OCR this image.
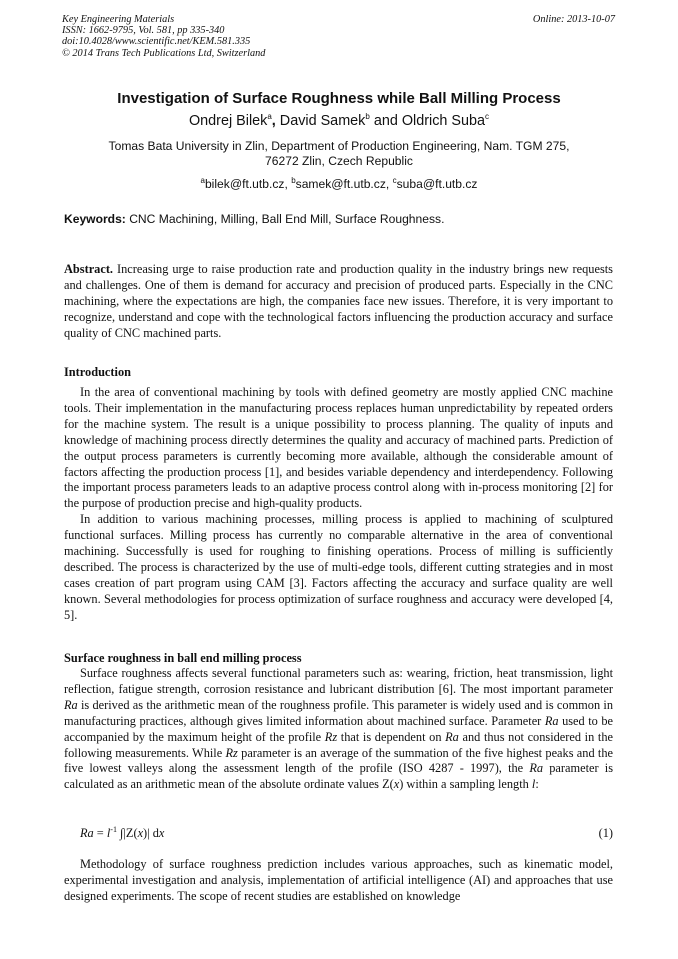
Key Engineering Materials
ISSN: 1662-9795, Vol. 581, pp 335-340
doi:10.4028/www.scientific.net/KEM.581.335
© 2014 Trans Tech Publications Ltd, Switzerland
Online: 2013-10-07
Investigation of Surface Roughness while Ball Milling Process
Ondrej Bilek$^a$, David Samek$^b$ and Oldrich Suba$^c$
Tomas Bata University in Zlin, Department of Production Engineering, Nam. TGM 275,
76272 Zlin, Czech Republic
$^a$bilek@ft.utb.cz, $^b$samek@ft.utb.cz, $^c$suba@ft.utb.cz
Keywords: CNC Machining, Milling, Ball End Mill, Surface Roughness.

Abstract. Increasing urge to raise production rate and production quality in the industry brings new requests and challenges. One of them is demand for accuracy and precision of produced parts. Especially in the CNC machining, where the expectations are high, the companies face new issues. Therefore, it is very important to recognize, understand and cope with the technological factors influencing the production accuracy and surface quality of CNC machined parts.

Introduction

In the area of conventional machining by tools with defined geometry are mostly applied CNC machine tools. Their implementation in the manufacturing process replaces human unpredictability by repeated orders for the machine system. The result is a unique possibility to process planning. The quality of inputs and knowledge of machining process directly determines the quality and accuracy of machined parts. Prediction of the output process parameters is currently becoming more available, although the considerable amount of factors affecting the production process [1], and besides variable dependency and interdependency. Following the important process parameters leads to an adaptive process control along with in-process monitoring [2] for the purpose of production precise and high-quality products.

In addition to various machining processes, milling process is applied to machining of sculptured functional surfaces. Milling process has currently no comparable alternative in the area of conventional machining. Successfully is used for roughing to finishing operations. Process of milling is sufficiently described. The process is characterized by the use of multi-edge tools, different cutting strategies and in most cases creation of part program using CAM [3]. Factors affecting the accuracy and surface quality are well known. Several methodologies for process optimization of surface roughness and accuracy were developed [4, 5].

Surface roughness in ball end milling process

Surface roughness affects several functional parameters such as: wearing, friction, heat transmission, light reflection, fatigue strength, corrosion resistance and lubricant distribution [6]. The most important parameter Ra is derived as the arithmetic mean of the roughness profile. This parameter is widely used and is common in manufacturing practices, although gives limited information about machined surface. Parameter Ra used to be accompanied by the maximum height of the profile Rz that is dependent on Ra and thus not considered in the following measurements. While Rz parameter is an average of the summation of the five highest peaks and the five lowest valleys along the assessment length of the profile (ISO 4287 - 1997), the Ra parameter is calculated as an arithmetic mean of the absolute ordinate values Z(x) within a sampling length l:

$Ra = l^{-1}$ ∫|Z(x)| dx	(1)

Methodology of surface roughness prediction includes various approaches, such as kinematic model, experimental investigation and analysis, implementation of artificial intelligence (AI) and approaches that use designed experiments. The scope of recent studies are established on knowledge
